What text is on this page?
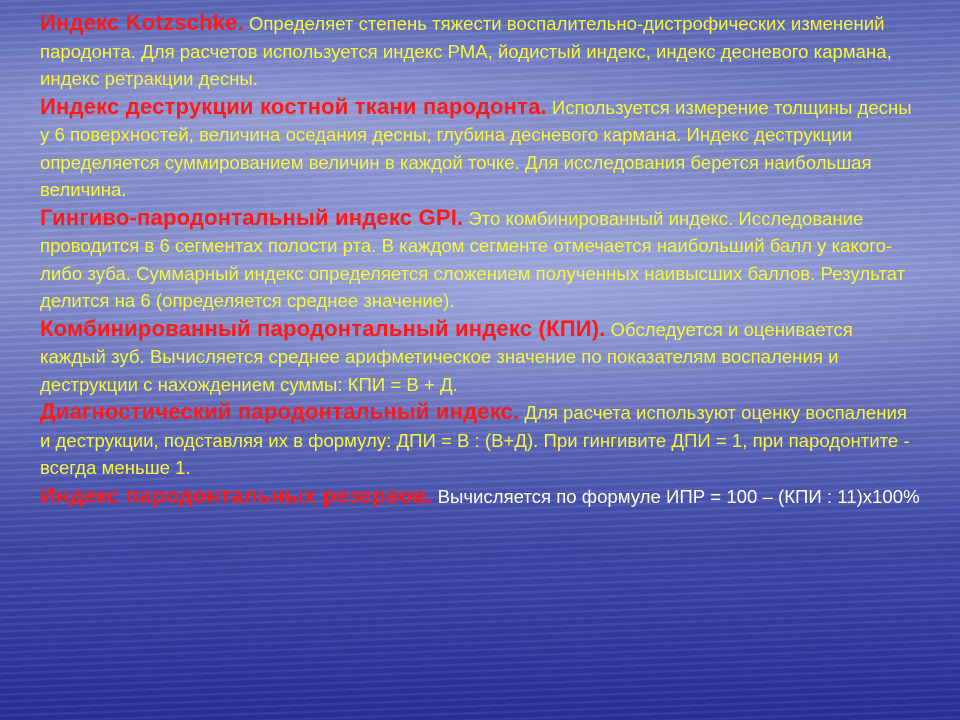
Индекс Kotzschke. Определяет степень тяжести воспалительно-дистрофических изменений пародонта. Для расчетов используется индекс РМА, йодистый индекс, индекс десневого кармана, индекс ретракции десны.

Индекс деструкции костной ткани пародонта. Используется измерение толщины десны у 6 поверхностей, величина оседания десны, глубина десневого кармана. Индекс деструкции определяется суммированием величин в каждой точке. Для исследования берется наибольшая величина.

Гингиво-пародонтальный индекс GPI. Это комбинированный индекс. Исследование проводится в 6 сегментах полости рта. В каждом сегменте отмечается наибольший балл у какого-либо зуба. Суммарный индекс определяется сложением полученных наивысших баллов. Результат делится на 6 (определяется среднее значение).

Комбинированный пародонтальный индекс (КПИ). Обследуется и оценивается каждый зуб. Вычисляется среднее арифметическое значение по показателям воспаления и деструкции с нахождением суммы: КПИ = В + Д.

Диагностический пародонтальный индекс. Для расчета используют оценку воспаления и деструкции, подставляя их в формулу: ДПИ = В : (В+Д). При гингивите ДПИ = 1, при пародонтите - всегда меньше 1.

Индекс пародонтальных резервов. Вычисляется по формуле ИПР = 100 – (КПИ : 11)х100%
